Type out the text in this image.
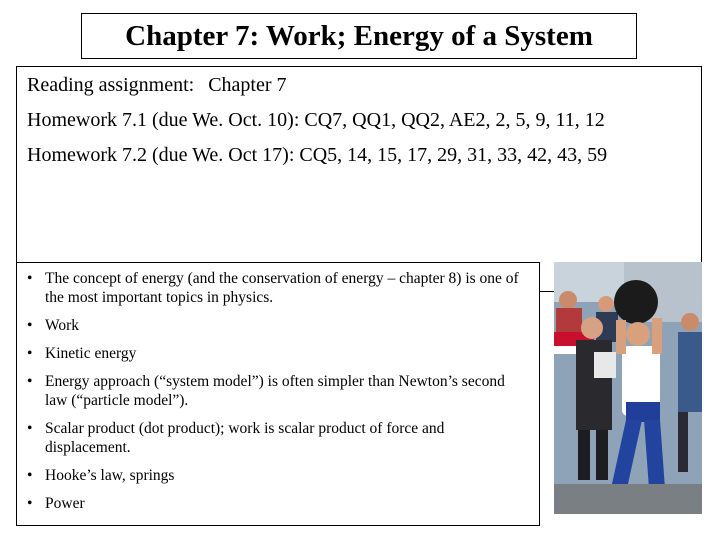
Chapter 7: Work; Energy of a System

Reading assignment: Chapter 7

Homework 7.1 (due We. Oct. 10): CQ7, QQ1, QQ2, AE2, 2, 5, 9, 11, 12

Homework 7.2 (due We. Oct 17): CQ5, 14, 15, 17, 29, 31, 33, 42, 43, 59

• The concept of energy (and the conservation of energy – chapter 8) is one of the most important topics in physics.
• Work
• Kinetic energy
• Energy approach (“system model”) is often simpler than Newton’s second law (“particle model”).
• Scalar product (dot product); work is scalar product of force and displacement.
• Hooke’s law, springs
• Power
